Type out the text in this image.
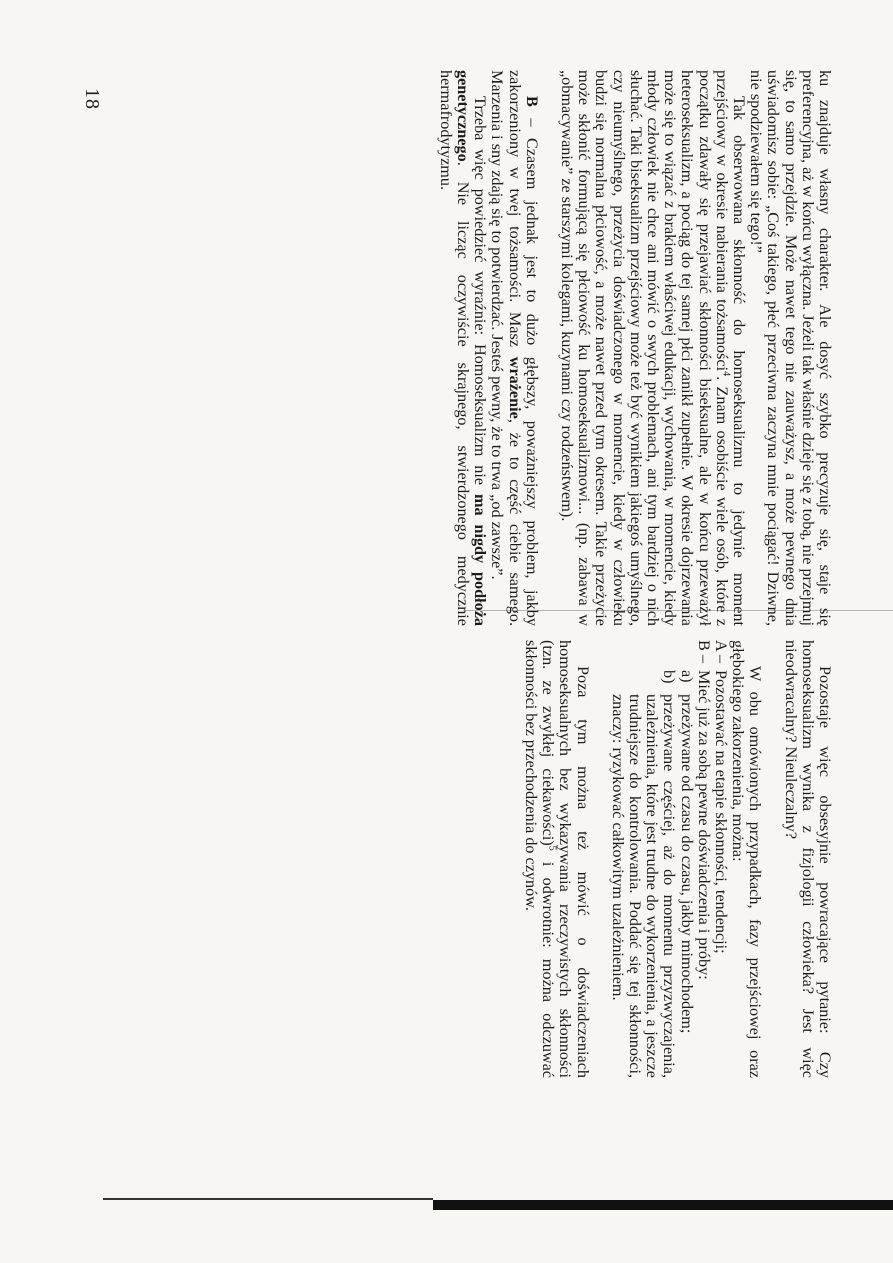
18	ku znajduje własny charakter. Ale dosyć szybko precyzuje się, staje się preferencyjna, aż w końcu wyłączna. Jeżeli tak właśnie dzieje się z tobą, nie przejmuj się, to samo przejdzie. Może nawet tego nie zauważysz, a może pewnego dnia uświadomisz sobie: „Coś takiego, płeć przeciwna zaczyna mnie pociągać! Dziwne, nie spodziewałem się tego!”

Tak obserwowana skłonność do homoseksualizmu to jedynie moment przejściowy w okresie nabierania tożsamości$^4$. Znam osobiście wiele osób, które z początku zdawały się przejawiać skłonności biseksualne, ale w końcu przeważył heteroseksualizm, a pociąg do tej samej płci zanikł zupełnie. W okresie dojrzewania może się to wiązać z brakiem właściwej edukacji, wychowania, w momencie, kiedy młody człowiek nie chce ani mówić o swych problemach, ani tym bardziej o nich słuchać. Taki biseksualizm przejściowy może też być wynikiem jakiegoś umyślnego, czy nieumyślnego, przeżycia doświadczonego w momencie, kiedy w człowieku budzi się normalna płciowość, a może nawet przed tym okresem. Takie przeżycie może skłonić formującą się płciowość ku homoseksualizmowi... (np. zabawa w „obmacywanie” ze starszymi kolegami, kuzynami czy rodzeństwem).

B – Czasem jednak jest to dużo głębszy, poważniejszy problem, jakby zakorzeniony w twej tożsamości. Masz wrażenie, że to część ciebie samego. Marzenia i sny zdają się to potwierdzać. Jesteś pewny, że to trwa „od zawsze”.

Trzeba więc powiedzieć wyraźnie: Homoseksualizm nie ma nigdy podłoża genetycznego. Nie licząc oczywiście skrajnego, stwierdzonego medycznie hermafrodytyzmu.

Pozostaje więc obsesyjnie powracające pytanie: Czy homoseksualizm wynika z fizjologii człowieka? Jest więc nieodwracalny? Nieuleczalny?

W obu omówionych przypadkach, fazy przejściowej oraz głębokiego zakorzenienia, można:

A –
Pozostawać na etapie skłonności, tendencji;
B –
Mieć już za sobą pewne doświadczenia i próby:
a)
przeżywane od czasu do czasu, jakby mimochodem;
b)
przeżywane częściej, aż do momentu przyzwyczajenia, uzależnienia, które jest trudne do wykorzenienia, a jeszcze trudniejsze do kontrolowania. Poddać się tej skłonności, znaczy: ryzykować całkowitym uzależnieniem.

Poza tym można też mówić o doświadczeniach homoseksualnych bez wykazywania rzeczywistych skłonności (tzn. ze zwykłej ciekawości)$^5$ i odwrotnie: można odczuwać skłonności bez przechodzenia do czynów.
